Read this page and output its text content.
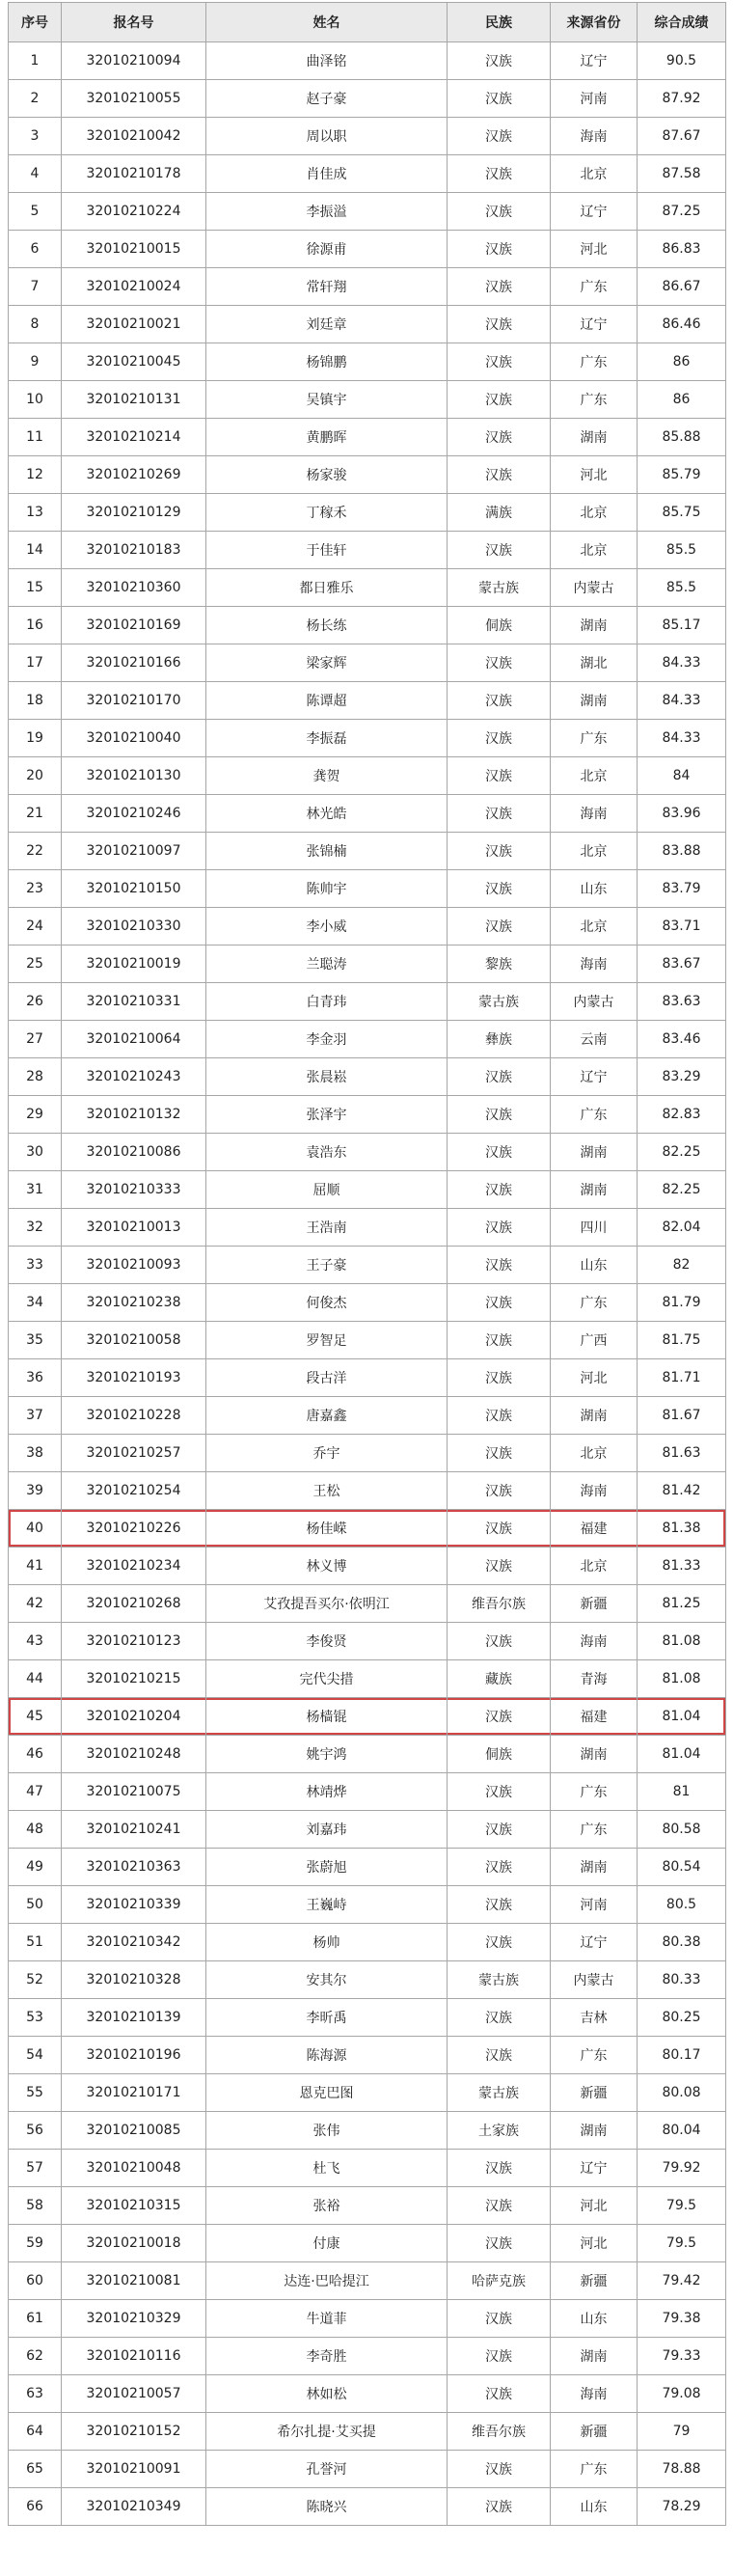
序号	报名号	姓名	民族	来源省份	综合成绩
1	32010210094	曲泽铭	汉族	辽宁	90.5
2	32010210055	赵子豪	汉族	河南	87.92
3	32010210042	周以职	汉族	海南	87.67
4	32010210178	肖佳成	汉族	北京	87.58
5	32010210224	李振溢	汉族	辽宁	87.25
6	32010210015	徐源甫	汉族	河北	86.83
7	32010210024	常轩翔	汉族	广东	86.67
8	32010210021	刘廷章	汉族	辽宁	86.46
9	32010210045	杨锦鹏	汉族	广东	86
10	32010210131	吴镇宇	汉族	广东	86
11	32010210214	黄鹏晖	汉族	湖南	85.88
12	32010210269	杨家骏	汉族	河北	85.79
13	32010210129	丁稼禾	满族	北京	85.75
14	32010210183	于佳轩	汉族	北京	85.5
15	32010210360	都日雅乐	蒙古族	内蒙古	85.5
16	32010210169	杨长练	侗族	湖南	85.17
17	32010210166	梁家辉	汉族	湖北	84.33
18	32010210170	陈谭超	汉族	湖南	84.33
19	32010210040	李振磊	汉族	广东	84.33
20	32010210130	龚贺	汉族	北京	84
21	32010210246	林光皓	汉族	海南	83.96
22	32010210097	张锦楠	汉族	北京	83.88
23	32010210150	陈帅宇	汉族	山东	83.79
24	32010210330	李小威	汉族	北京	83.71
25	32010210019	兰聪涛	黎族	海南	83.67
26	32010210331	白青玮	蒙古族	内蒙古	83.63
27	32010210064	李金羽	彝族	云南	83.46
28	32010210243	张晨崧	汉族	辽宁	83.29
29	32010210132	张泽宇	汉族	广东	82.83
30	32010210086	袁浩东	汉族	湖南	82.25
31	32010210333	屈顺	汉族	湖南	82.25
32	32010210013	王浩南	汉族	四川	82.04
33	32010210093	王子豪	汉族	山东	82
34	32010210238	何俊杰	汉族	广东	81.79
35	32010210058	罗智足	汉族	广西	81.75
36	32010210193	段古洋	汉族	河北	81.71
37	32010210228	唐嘉鑫	汉族	湖南	81.67
38	32010210257	乔宇	汉族	北京	81.63
39	32010210254	王松	汉族	海南	81.42
40	32010210226	杨佳嵘	汉族	福建	81.38
41	32010210234	林义博	汉族	北京	81.33
42	32010210268	艾孜提吾买尔·依明江	维吾尔族	新疆	81.25
43	32010210123	李俊贤	汉族	海南	81.08
44	32010210215	完代尖措	藏族	青海	81.08
45	32010210204	杨樯锟	汉族	福建	81.04
46	32010210248	姚宇鸿	侗族	湖南	81.04
47	32010210075	林靖烨	汉族	广东	81
48	32010210241	刘嘉玮	汉族	广东	80.58
49	32010210363	张蔚旭	汉族	湖南	80.54
50	32010210339	王巍峙	汉族	河南	80.5
51	32010210342	杨帅	汉族	辽宁	80.38
52	32010210328	安其尔	蒙古族	内蒙古	80.33
53	32010210139	李昕禹	汉族	吉林	80.25
54	32010210196	陈海源	汉族	广东	80.17
55	32010210171	恩克巴图	蒙古族	新疆	80.08
56	32010210085	张伟	土家族	湖南	80.04
57	32010210048	杜飞	汉族	辽宁	79.92
58	32010210315	张裕	汉族	河北	79.5
59	32010210018	付康	汉族	河北	79.5
60	32010210081	达连·巴哈提江	哈萨克族	新疆	79.42
61	32010210329	牛道菲	汉族	山东	79.38
62	32010210116	李奇胜	汉族	湖南	79.33
63	32010210057	林如松	汉族	海南	79.08
64	32010210152	希尔扎提·艾买提	维吾尔族	新疆	79
65	32010210091	孔誉河	汉族	广东	78.88
66	32010210349	陈晓兴	汉族	山东	78.29
